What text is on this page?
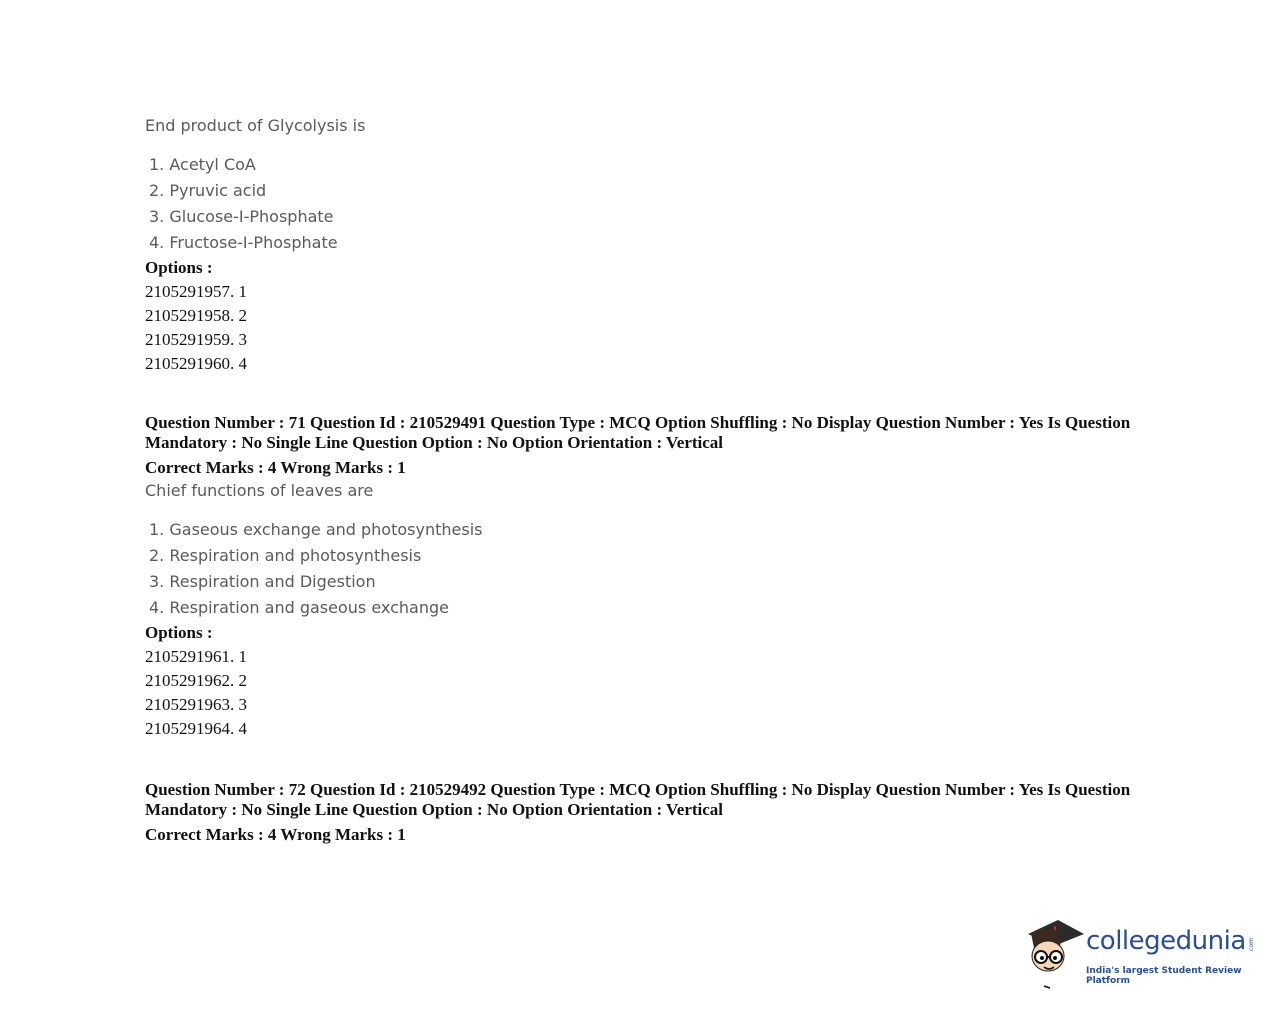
End product of Glycolysis is

1. Acetyl CoA
2. Pyruvic acid
3. Glucose-I-Phosphate
4. Fructose-I-Phosphate
Options :
2105291957. 1
2105291958. 2
2105291959. 3
2105291960. 4
Question Number : 71 Question Id : 210529491 Question Type : MCQ Option Shuffling : No Display Question Number : Yes Is Question
Mandatory : No Single Line Question Option : No Option Orientation : Vertical
Correct Marks : 4 Wrong Marks : 1

Chief functions of leaves are

1. Gaseous exchange and photosynthesis
2. Respiration and photosynthesis
3. Respiration and Digestion
4. Respiration and gaseous exchange
Options :
2105291961. 1
2105291962. 2
2105291963. 3
2105291964. 4
Question Number : 72 Question Id : 210529492 Question Type : MCQ Option Shuffling : No Display Question Number : Yes Is Question
Mandatory : No Single Line Question Option : No Option Orientation : Vertical
Correct Marks : 4 Wrong Marks : 1
collegedunia .com
India's largest Student Review Platform
